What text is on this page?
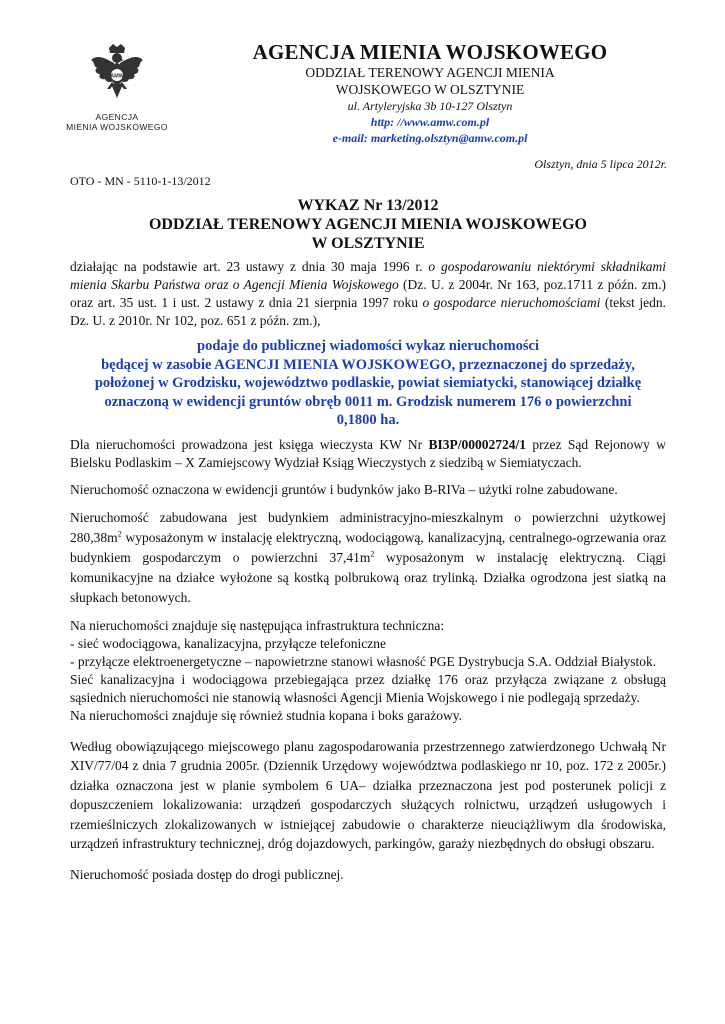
AMW
AGENCJA
MIENIA WOJSKOWEGO
AGENCJA MIENIA WOJSKOWEGO
ODDZIAŁ TERENOWY AGENCJI MIENIA
WOJSKOWEGO W OLSZTYNIE
ul. Artyleryjska 3b 10-127 Olsztyn
http: //www.amw.com.pl
e-mail: marketing.olsztyn@amw.com.pl
Olsztyn, dnia 5 lipca 2012r.
OTO - MN - 5110-1-13/2012
WYKAZ Nr 13/2012
ODDZIAŁ TERENOWY AGENCJI MIENIA WOJSKOWEGO
W OLSZTYNIE

działając na podstawie art. 23 ustawy z dnia 30 maja 1996 r. o gospodarowaniu niektórymi składnikami mienia Skarbu Państwa oraz o Agencji Mienia Wojskowego (Dz. U. z 2004r. Nr 163, poz.1711 z późn. zm.) oraz art. 35 ust. 1 i ust. 2 ustawy z dnia 21 sierpnia 1997 roku o gospodarce nieruchomościami (tekst jedn. Dz. U. z 2010r. Nr 102, poz. 651 z późn. zm.),

podaje do publicznej wiadomości wykaz nieruchomości
będącej w zasobie AGENCJI MIENIA WOJSKOWEGO, przeznaczonej do sprzedaży,
położonej w Grodzisku, województwo podlaskie, powiat siemiatycki, stanowiącej działkę
oznaczoną w ewidencji gruntów obręb 0011 m. Grodzisk numerem 176 o powierzchni
0,1800 ha.

Dla nieruchomości prowadzona jest księga wieczysta KW Nr BI3P/00002724/1 przez Sąd Rejonowy w Bielsku Podlaskim – X Zamiejscowy Wydział Ksiąg Wieczystych z siedzibą w Siemiatyczach.

Nieruchomość oznaczona w ewidencji gruntów i budynków jako B-RIVa – użytki rolne zabudowane.

Nieruchomość zabudowana jest budynkiem administracyjno-mieszkalnym o powierzchni użytkowej $280,38m^2$ wyposażonym w instalację elektryczną, wodociągową, kanalizacyjną, centralnego-ogrzewania oraz budynkiem gospodarczym o powierzchni $37,41m^2$ wyposażonym w instalację elektryczną. Ciągi komunikacyjne na działce wyłożone są kostką polbrukową oraz trylinką. Działka ogrodzona jest siatką na słupkach betonowych.

Na nieruchomości znajduje się następująca infrastruktura techniczna:

- sieć wodociągowa, kanalizacyjna, przyłącze telefoniczne

- przyłącze elektroenergetyczne – napowietrzne stanowi własność PGE Dystrybucja S.A. Oddział Białystok.

Sieć kanalizacyjna i wodociągowa przebiegająca przez działkę 176 oraz przyłącza związane z obsługą sąsiednich nieruchomości nie stanowią własności Agencji Mienia Wojskowego i nie podlegają sprzedaży.

Na nieruchomości znajduje się również studnia kopana i boks garażowy.

Według obowiązującego miejscowego planu zagospodarowania przestrzennego zatwierdzonego Uchwałą Nr XIV/77/04 z dnia 7 grudnia 2005r. (Dziennik Urzędowy województwa podlaskiego nr 10, poz. 172 z 2005r.) działka oznaczona jest w planie symbolem 6 UA– działka przeznaczona jest pod posterunek policji z dopuszczeniem lokalizowania: urządzeń gospodarczych służących rolnictwu, urządzeń usługowych i rzemieślniczych zlokalizowanych w istniejącej zabudowie o charakterze nieuciążliwym dla środowiska, urządzeń infrastruktury technicznej, dróg dojazdowych, parkingów, garaży niezbędnych do obsługi obszaru.

Nieruchomość posiada dostęp do drogi publicznej.
